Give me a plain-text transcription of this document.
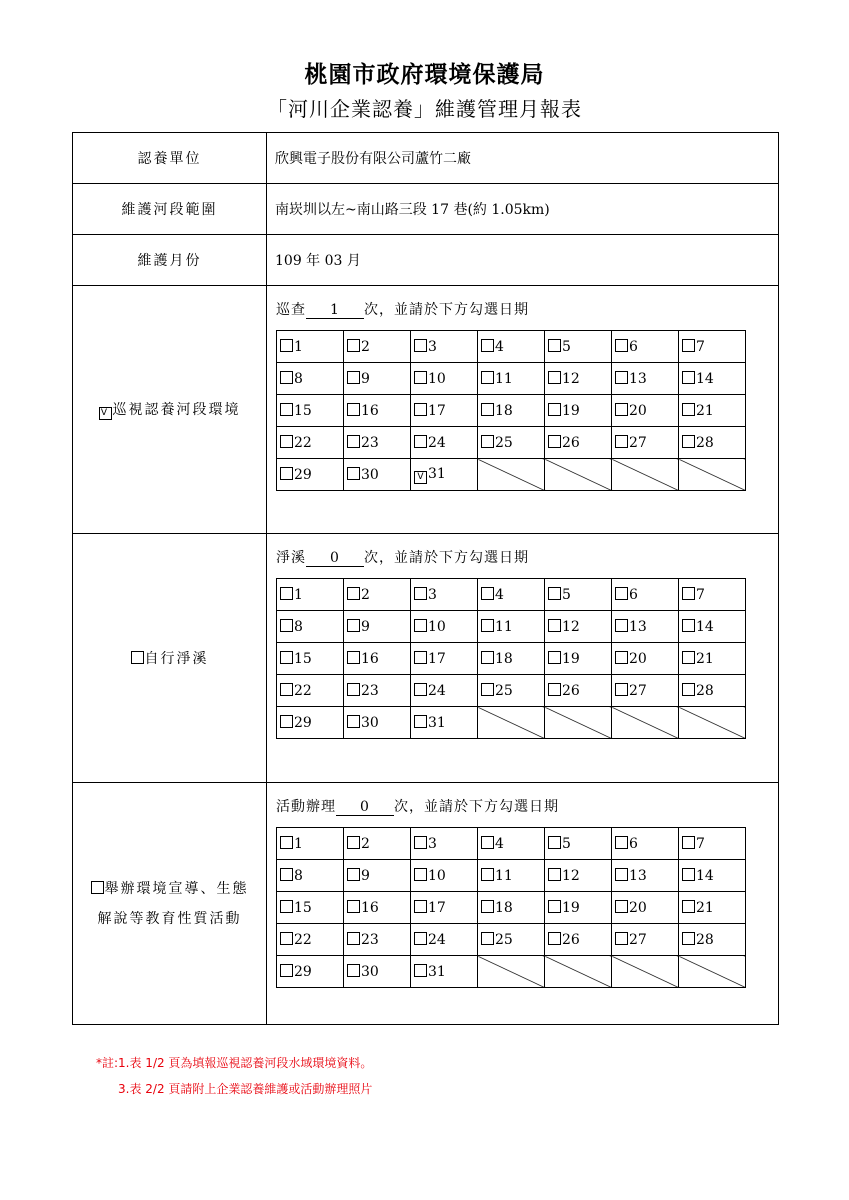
桃園市政府環境保護局
「河川企業認養」維護管理月報表
認養單位	欣興電子股份有限公司蘆竹二廠
維護河段範圍	南崁圳以左~南山路三段 17 巷(約 1.05km)
維護月份	109 年 03 月
V 巡視認養河段環境	
巡查 1 次，並請於下方勾選日期
1	2	3	4	5	6	7
8	9	10	11	12	13	14
15	16	17	18	19	20	21
22	23	24	25	26	27	28
29	30	V 31				

自行淨溪	
淨溪 0 次，並請於下方勾選日期
1	2	3	4	5	6	7
8	9	10	11	12	13	14
15	16	17	18	19	20	21
22	23	24	25	26	27	28
29	30	31				

舉辦環境宣導、生態
解說等教育性質活動

活動辦理 0 次，並請於下方勾選日期
1	2	3	4	5	6	7
8	9	10	11	12	13	14
15	16	17	18	19	20	21
22	23	24	25	26	27	28
29	30	31				
*註:1.表 1/2 頁為填報巡視認養河段水域環境資料。
3.表 2/2 頁請附上企業認養維護或活動辦理照片
